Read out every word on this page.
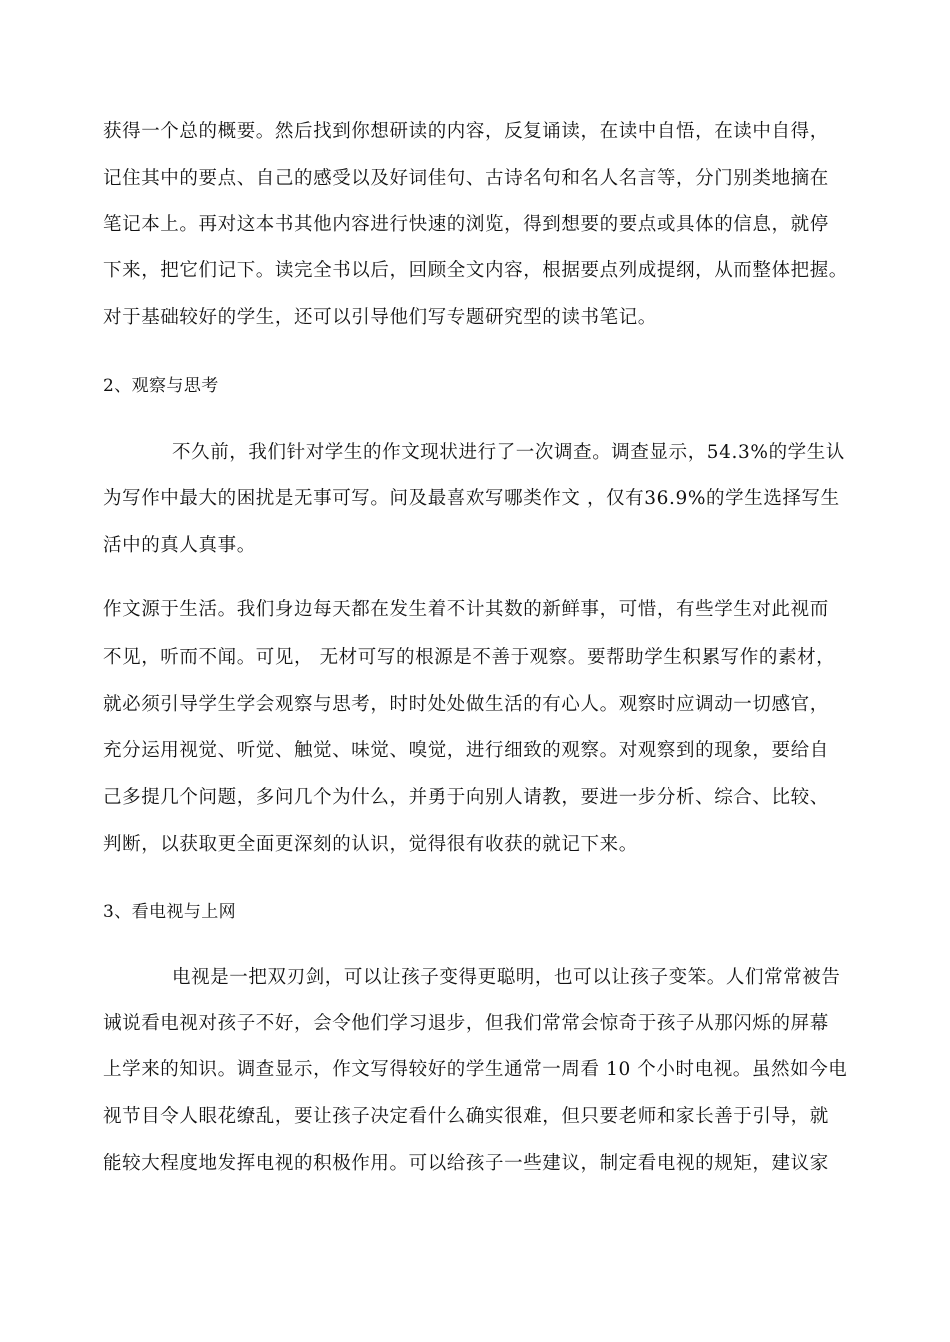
获得一个总的概要。然后找到你想研读的内容，反复诵读，在读中自悟，在读中自得，
记住其中的要点、自己的感受以及好词佳句、古诗名句和名人名言等，分门别类地摘在
笔记本上。再对这本书其他内容进行快速的浏览，得到想要的要点或具体的信息，就停
下来，把它们记下。读完全书以后，回顾全文内容，根据要点列成提纲，从而整体把握。
对于基础较好的学生，还可以引导他们写专题研究型的读书笔记。
2、观察与思考
不久前，我们针对学生的作文现状进行了一次调查。调查显示，54.3%的学生认
为写作中最大的困扰是无事可写。问及最喜欢写哪类作文 ，仅有36.9%的学生选择写生
活中的真人真事。
作文源于生活。我们身边每天都在发生着不计其数的新鲜事，可惜，有些学生对此视而
不见，听而不闻。可见， 无材可写的根源是不善于观察。要帮助学生积累写作的素材，
就必须引导学生学会观察与思考，时时处处做生活的有心人。观察时应调动一切感官，
充分运用视觉、听觉、触觉、味觉、嗅觉，进行细致的观察。对观察到的现象，要给自
己多提几个问题，多问几个为什么，并勇于向别人请教，要进一步分析、综合、比较、
判断，以获取更全面更深刻的认识，觉得很有收获的就记下来。
3、看电视与上网
电视是一把双刃剑，可以让孩子变得更聪明，也可以让孩子变笨。人们常常被告
诫说看电视对孩子不好，会令他们学习退步，但我们常常会惊奇于孩子从那闪烁的屏幕
上学来的知识。调查显示，作文写得较好的学生通常一周看 10 个小时电视。虽然如今电
视节目令人眼花缭乱，要让孩子决定看什么确实很难，但只要老师和家长善于引导，就
能较大程度地发挥电视的积极作用。可以给孩子一些建议，制定看电视的规矩，建议家
